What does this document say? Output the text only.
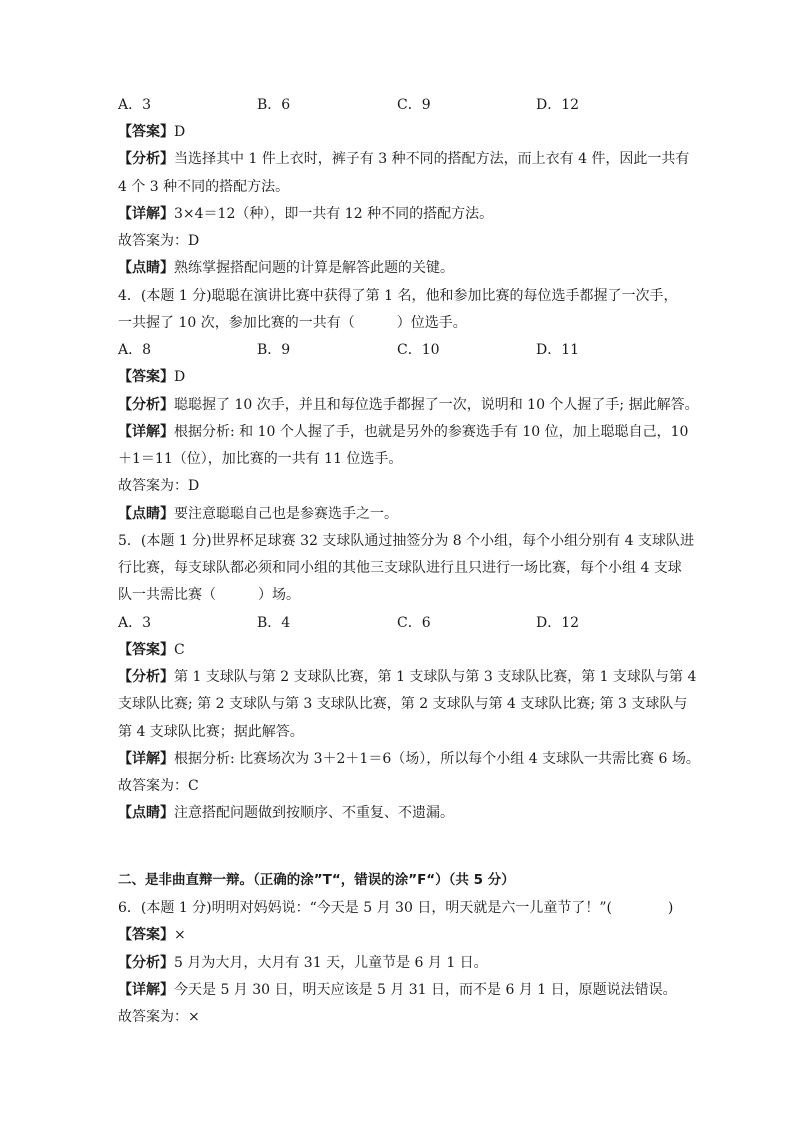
A．3	B．6	C．9	D．12
【答案】D
【分析】当选择其中 1 件上衣时，裤子有 3 种不同的搭配方法，而上衣有 4 件，因此一共有
4 个 3 种不同的搭配方法。
【详解】3×4＝12（种），即一共有 12 种不同的搭配方法。
故答案为：D
【点睛】熟练掌握搭配问题的计算是解答此题的关键。
4．(本题 1 分)聪聪在演讲比赛中获得了第 1 名，他和参加比赛的每位选手都握了一次手，
一共握了 10 次，参加比赛的一共有（　　　）位选手。
A．8	B．9	C．10	D．11
【答案】D
【分析】聪聪握了 10 次手，并且和每位选手都握了一次，说明和 10 个人握了手; 据此解答。
【详解】根据分析: 和 10 个人握了手，也就是另外的参赛选手有 10 位，加上聪聪自己，10
＋1＝11（位），加比赛的一共有 11 位选手。
故答案为：D
【点睛】要注意聪聪自己也是参赛选手之一。
5．(本题 1 分)世界杯足球赛 32 支球队通过抽签分为 8 个小组，每个小组分别有 4 支球队进
行比赛，每支球队都必须和同小组的其他三支球队进行且只进行一场比赛，每个小组 4 支球
队一共需比赛（　　　）场。
A．3	B．4	C．6	D．12
【答案】C
【分析】第 1 支球队与第 2 支球队比赛，第 1 支球队与第 3 支球队比赛，第 1 支球队与第 4
支球队比赛; 第 2 支球队与第 3 支球队比赛，第 2 支球队与第 4 支球队比赛; 第 3 支球队与
第 4 支球队比赛；据此解答。
【详解】根据分析: 比赛场次为 3＋2＋1＝6（场），所以每个小组 4 支球队一共需比赛 6 场。
故答案为：C
【点睛】注意搭配问题做到按顺序、不重复、不遗漏。
二、是非曲直辩一辩。（正确的涂”T“，错误的涂”F“）（共 5 分）
6．(本题 1 分)明明对妈妈说：“今天是 5 月 30 日，明天就是六一儿童节了！”(　　　　)
【答案】×
【分析】5 月为大月，大月有 31 天，儿童节是 6 月 1 日。
【详解】今天是 5 月 30 日，明天应该是 5 月 31 日，而不是 6 月 1 日，原题说法错误。
故答案为：×
